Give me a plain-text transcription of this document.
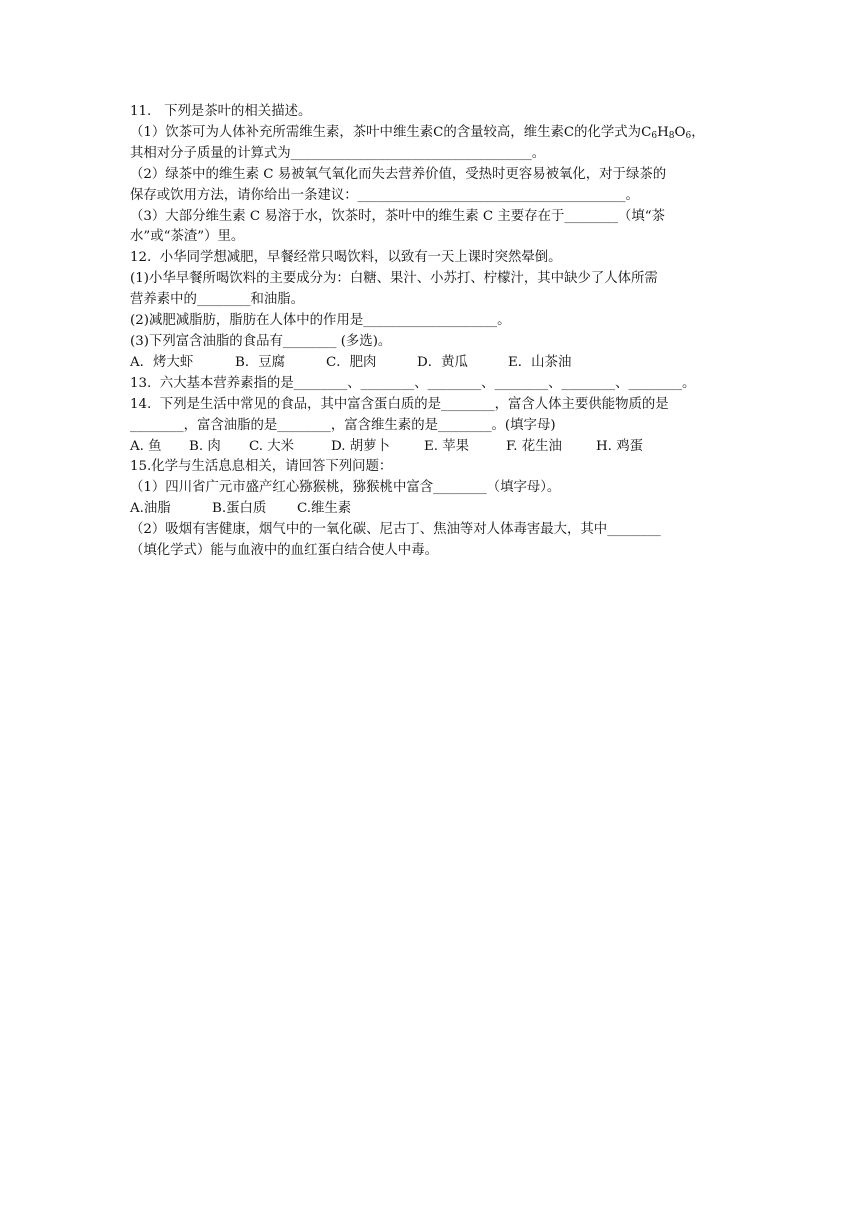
11.   下列是茶叶的相关描述。
（1）饮茶可为人体补充所需维生素，茶叶中维生素C的含量较高，维生素C的化学式为$C_6H_8O_6$，
其相对分子质量的计算式为____________________________________。
（2）绿茶中的维生素 C 易被氧气氧化而失去营养价值，受热时更容易被氧化，对于绿茶的
保存或饮用方法，请你给出一条建议：________________________________________。
（3）大部分维生素 C 易溶于水，饮茶时，茶叶中的维生素 C 主要存在于________（填“茶
水”或“茶渣”）里。
12.  小华同学想减肥，早餐经常只喝饮料，以致有一天上课时突然晕倒。
(1)小华早餐所喝饮料的主要成分为：白糖、果汁、小苏打、柠檬汁，其中缺少了人体所需
营养素中的________和油脂。
(2)减肥减脂肪，脂肪在人体中的作用是____________________。
(3)下列富含油脂的食品有________ (多选)。
A．烤大虾	B．豆腐	C．肥肉	D．黄瓜	E．山茶油
13.  六大基本营养素指的是________、________、________、________、________、________。
14.  下列是生活中常见的食品，其中富含蛋白质的是________，富含人体主要供能物质的是
________，富含油脂的是________，富含维生素的是________。(填字母)
A. 鱼 B. 肉 C. 大米	D. 胡萝卜	E. 苹果	F. 花生油	H. 鸡蛋
15.化学与生活息息相关，请回答下列问题：
（1）四川省广元市盛产红心猕猴桃，猕猴桃中富含________（填字母）。
A.油脂	B.蛋白质 C.维生素
（2）吸烟有害健康，烟气中的一氧化碳、尼古丁、焦油等对人体毒害最大，其中________
（填化学式）能与血液中的血红蛋白结合使人中毒。
